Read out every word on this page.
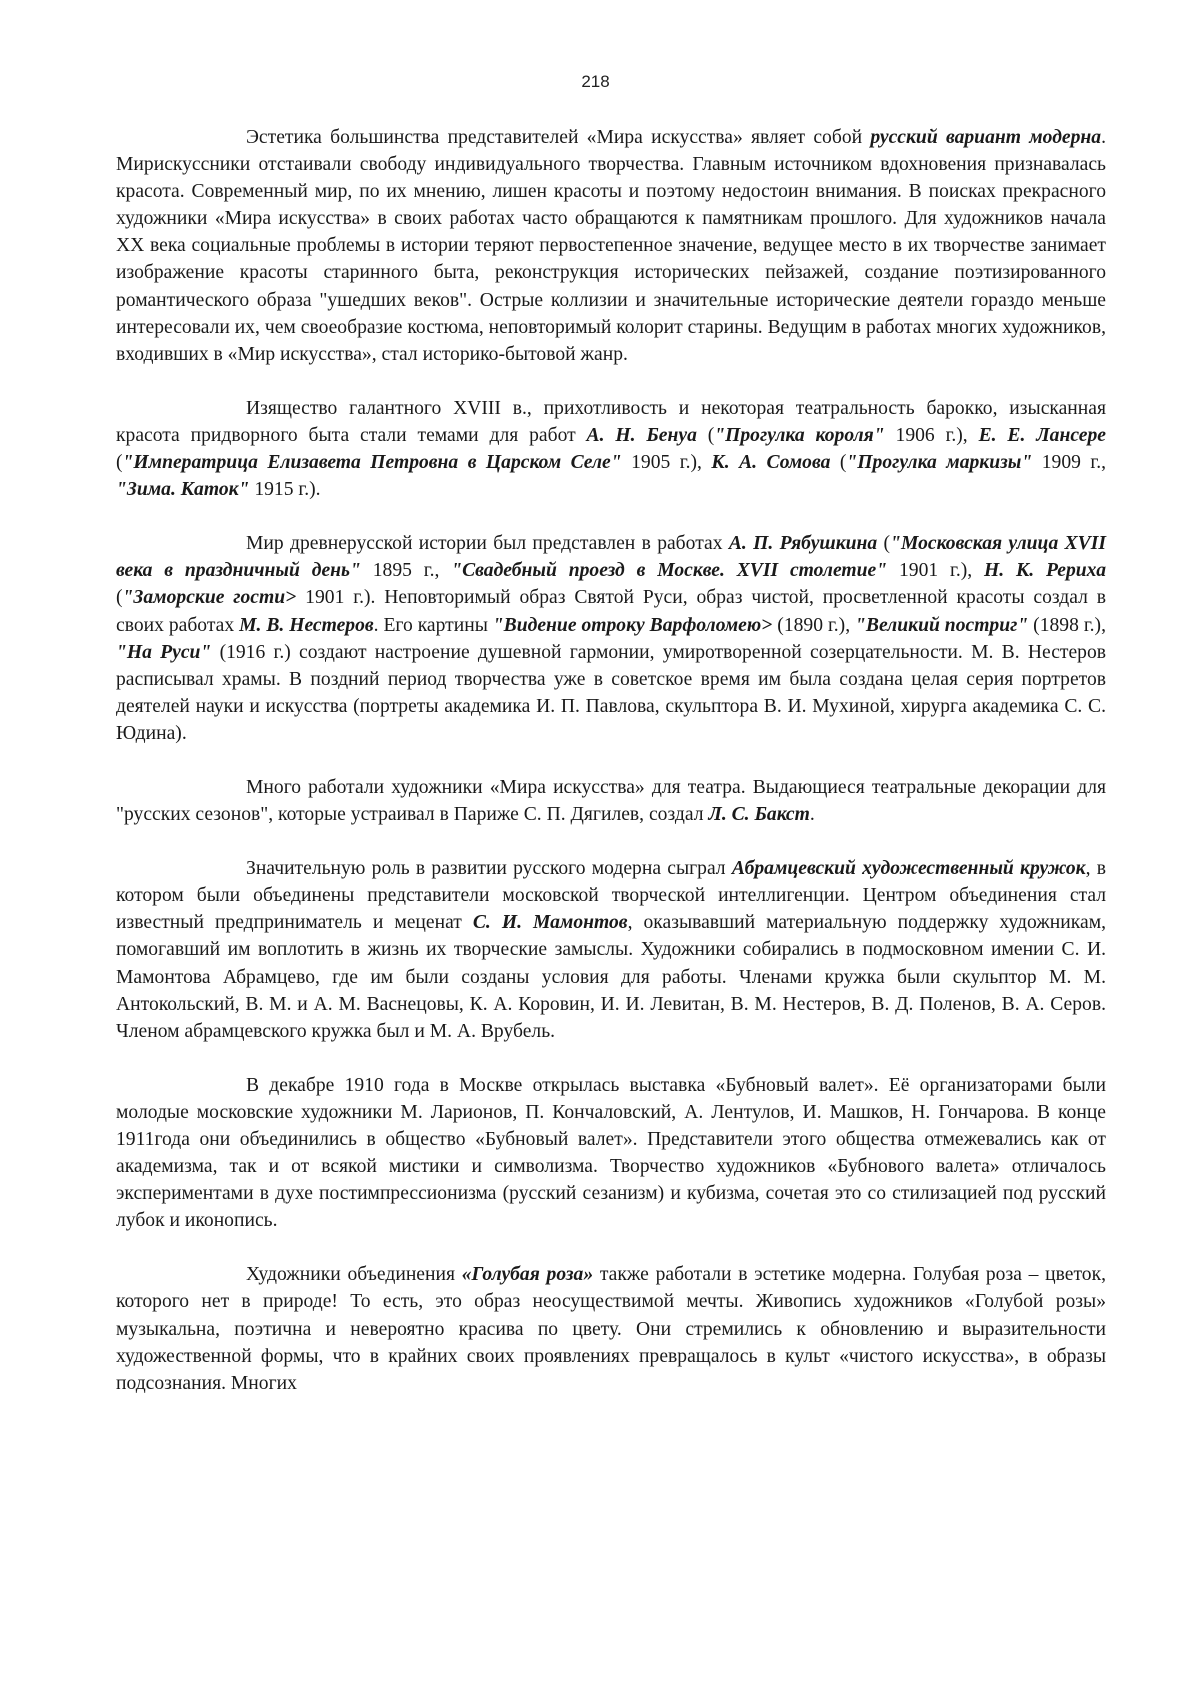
218

Эстетика большинства представителей «Мира искусства» являет собой русский вариант модерна. Мирискуссники отстаивали свободу индивидуального творчества. Главным источником вдохновения признавалась красота. Современный мир, по их мнению, лишен красоты и поэтому недостоин внимания. В поисках прекрасного художники «Мира искусства» в своих работах часто обращаются к памятникам прошлого. Для художников начала XX века социальные проблемы в истории теряют первостепенное значение, ведущее место в их творчестве занимает изображение красоты старинного быта, реконструкция исторических пейзажей, создание поэтизированного романтического образа "ушедших веков". Острые коллизии и значительные исторические деятели гораздо меньше интересовали их, чем своеобразие костюма, неповторимый колорит старины. Ведущим в работах многих художников, входивших в «Мир искусства», стал историко-бытовой жанр.

Изящество галантного XVIII в., прихотливость и некоторая театральность барокко, изысканная красота придворного быта стали темами для работ А. Н. Бенуа ("Прогулка короля" 1906 г.), Е. Е. Лансере ("Императрица Елизавета Петровна в Царском Селе" 1905 г.), К. А. Сомова ("Прогулка маркизы" 1909 г., "Зима. Каток" 1915 г.).

Мир древнерусской истории был представлен в работах А. П. Рябушкина ("Московская улица XVII века в праздничный день" 1895 г., "Свадебный проезд в Москве. XVII столетие" 1901 г.), Н. К. Рериха ("Заморские гости> 1901 г.). Неповторимый образ Святой Руси, образ чистой, просветленной красоты создал в своих работах М. В. Нестеров. Его картины "Видение отроку Варфоломею> (1890 г.), "Великий постриг" (1898 г.), "На Руси" (1916 г.) создают настроение душевной гармонии, умиротворенной созерцательности. М. В. Нестеров расписывал храмы. В поздний период творчества уже в советское время им была создана целая серия портретов деятелей науки и искусства (портреты академика И. П. Павлова, скульптора В. И. Мухиной, хирурга академика С. С. Юдина).

Много работали художники «Мира искусства» для театра. Выдающиеся театральные декорации для "русских сезонов", которые устраивал в Париже С. П. Дягилев, создал Л. С. Бакст.

Значительную роль в развитии русского модерна сыграл Абрамцевский художественный кружок, в котором были объединены представители московской творческой интеллигенции. Центром объединения стал известный предприниматель и меценат С. И. Мамонтов, оказывавший материальную поддержку художникам, помогавший им воплотить в жизнь их творческие замыслы. Художники собирались в подмосковном имении С. И. Мамонтова Абрамцево, где им были созданы условия для работы. Членами кружка были скульптор М. М. Антокольский, В. М. и А. М. Васнецовы, К. А. Коровин, И. И. Левитан, В. М. Нестеров, В. Д. Поленов, В. А. Серов. Членом абрамцевского кружка был и М. А. Врубель.

В декабре 1910 года в Москве открылась выставка «Бубновый валет». Её организаторами были молодые московские художники М. Ларионов, П. Кончаловский, А. Лентулов, И. Машков, Н. Гончарова. В конце 1911года они объединились в общество «Бубновый валет». Представители этого общества отмежевались как от академизма, так и от всякой мистики и символизма. Творчество художников «Бубнового валета» отличалось экспериментами в духе постимпрессионизма (русский сезанизм) и кубизма, сочетая это со стилизацией под русский лубок и иконопись.

Художники объединения «Голубая роза» также работали в эстетике модерна. Голубая роза – цветок, которого нет в природе! То есть, это образ неосуществимой мечты. Живопись художников «Голубой розы» музыкальна, поэтична и невероятно красива по цвету. Они стремились к обновлению и выразительности художественной формы, что в крайних своих проявлениях превращалось в культ «чистого искусства», в образы подсознания. Многих
